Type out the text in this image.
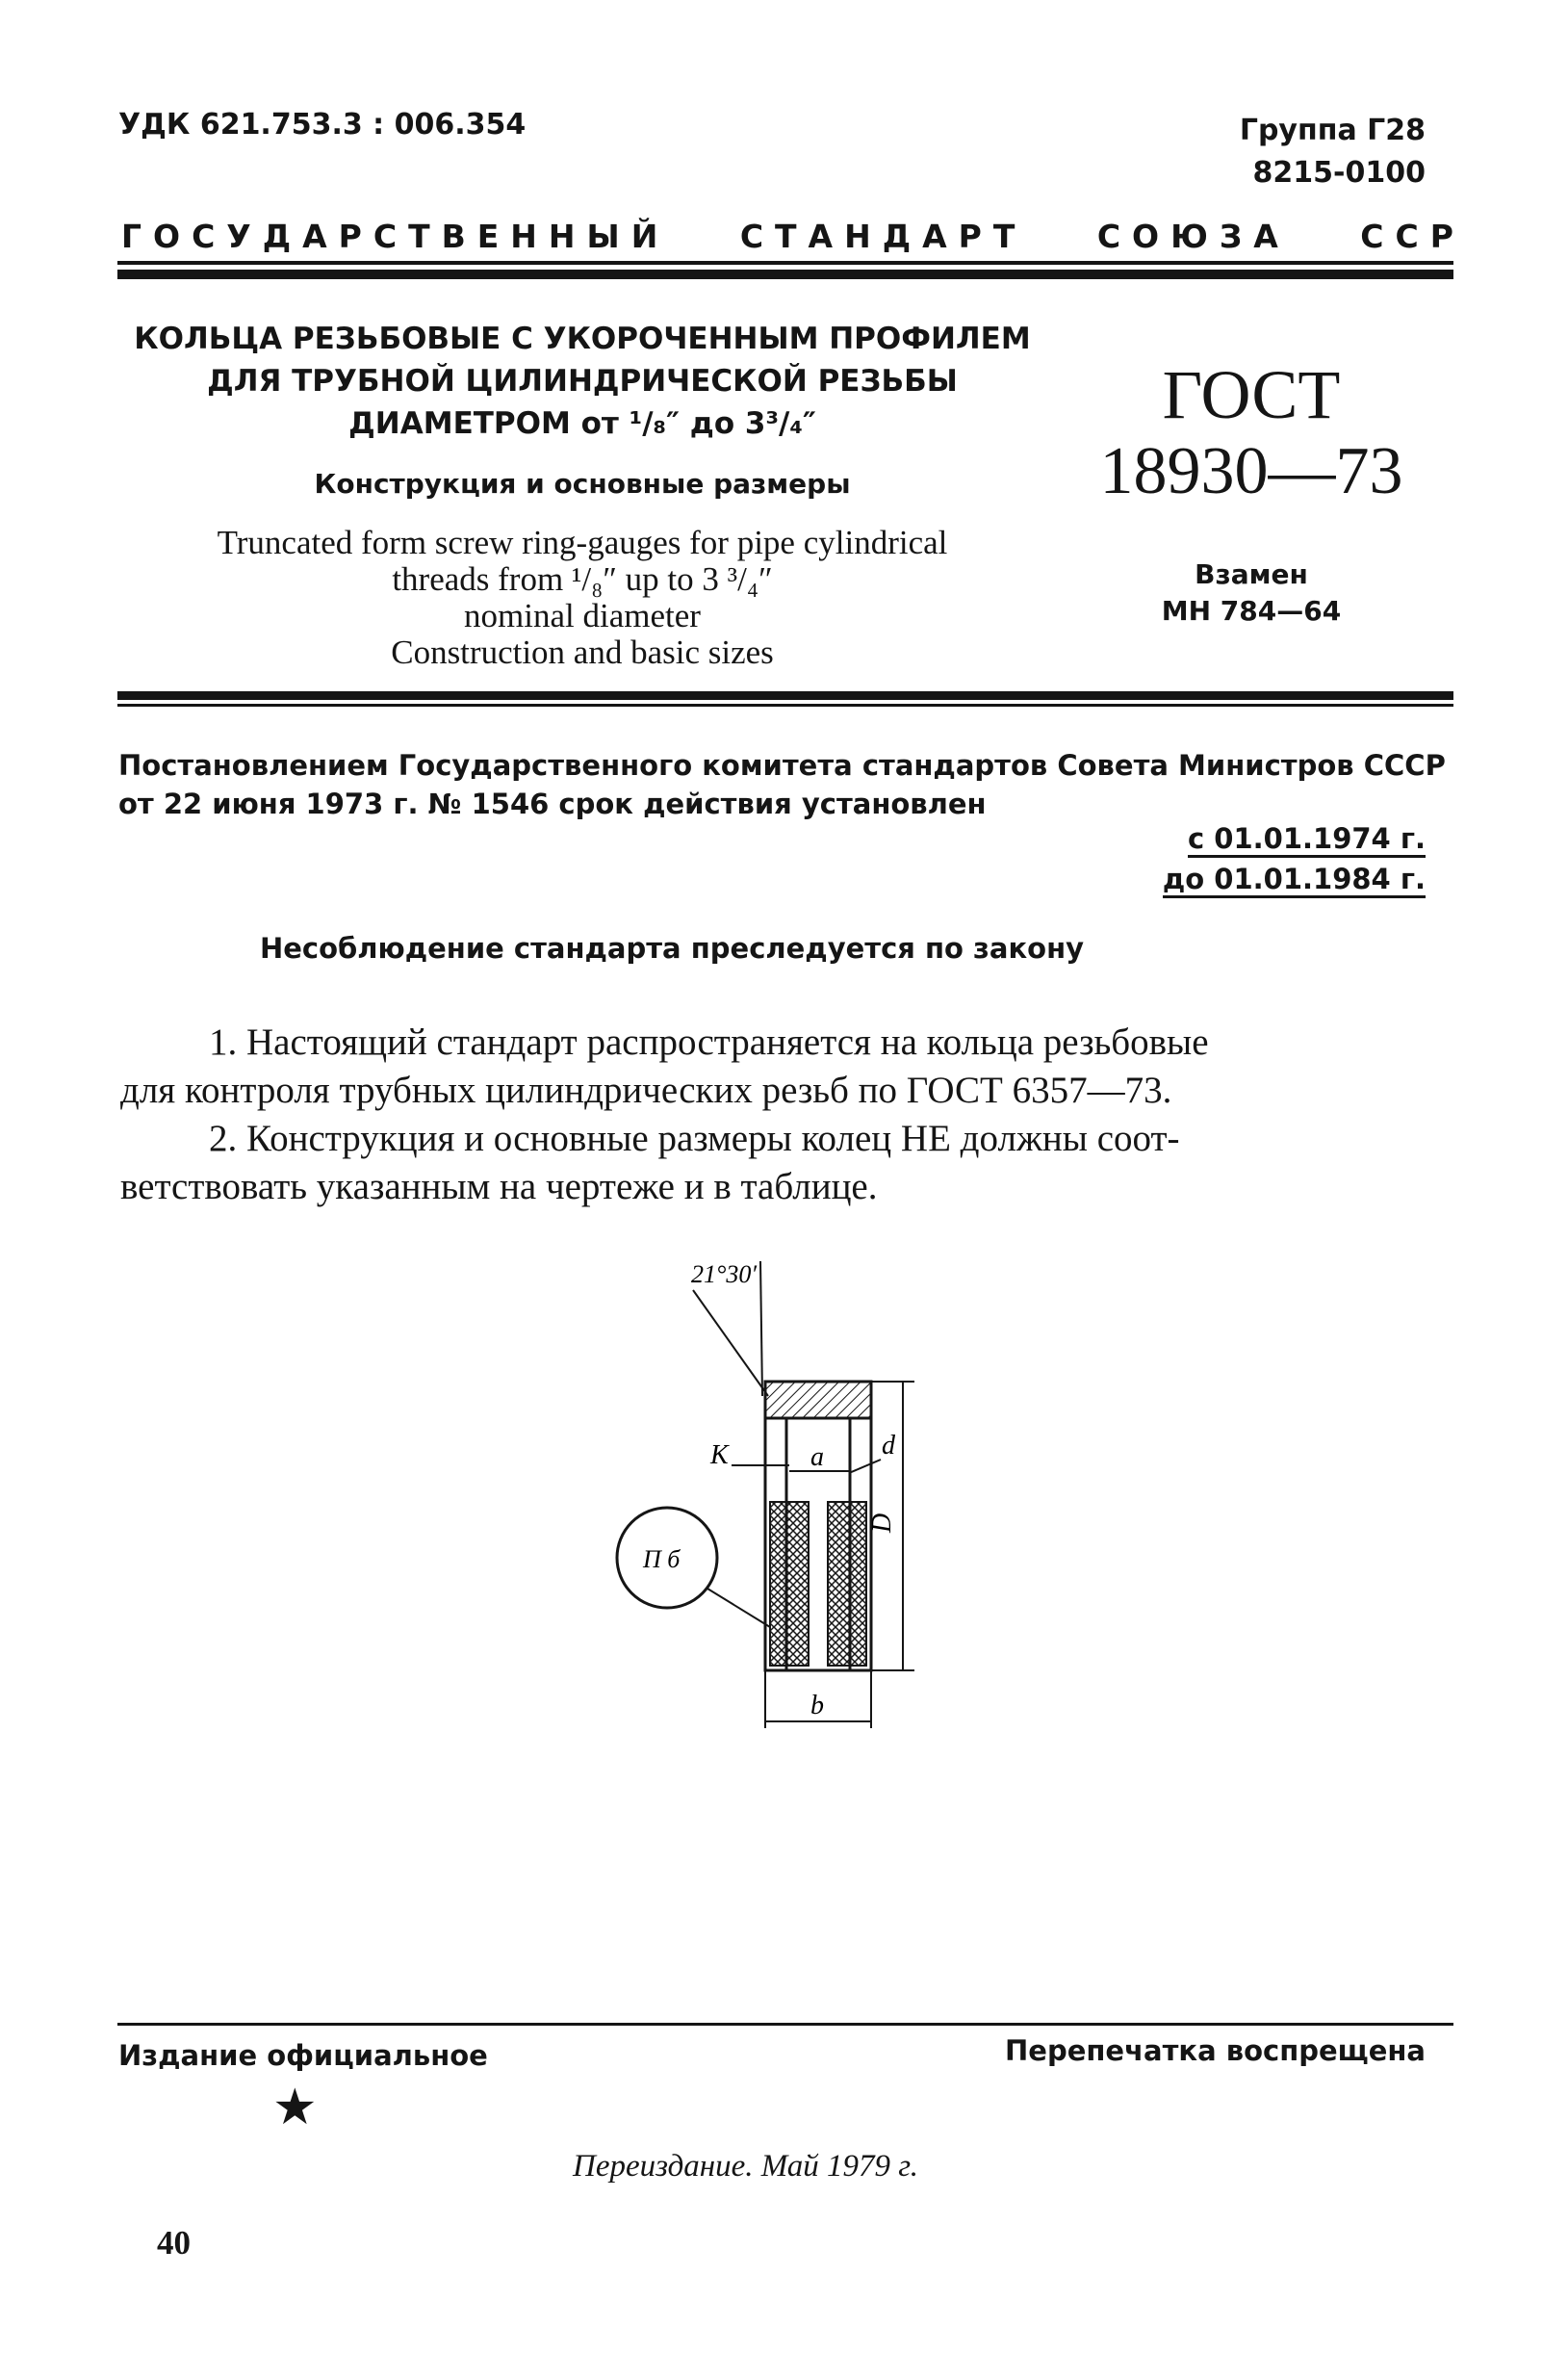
УДК 621.753.3 : 006.354	Группа Г28
8215-0100
ГОСУДАРСТВЕННЫЙ СТАНДАРТ СОЮЗА ССР
КОЛЬЦА РЕЗЬБОВЫЕ С УКОРОЧЕННЫМ ПРОФИЛЕМ
ДЛЯ ТРУБНОЙ ЦИЛИНДРИЧЕСКОЙ РЕЗЬБЫ
ДИАМЕТРОМ от ¹/₈″ до 3³/₄″
Конструкция и основные размеры
Truncated form screw ring-gauges for pipe cylindrical
threads from ¹/₈″ up to 3 ³/₄″
nominal diameter
Construction and basic sizes
ГОСТ
18930—73
Взамен
МН 784—64
Постановлением Государственного комитета стандартов Совета Министров СССР
от 22 июня 1973 г. № 1546 срок действия установлен
с 01.01.1974 г.
до 01.01.1984 г.
Несоблюдение стандарта преследуется по закону
1. Настоящий стандарт распространяется на кольца резьбовые
для контроля трубных цилиндрических резьб по ГОСТ 6357—73.
2. Конструкция и основные размеры колец НЕ должны соот-
ветствовать указанным на чертеже и в таблице.
21°30′
К	а d
D
b
П б
Издание официальное	Перепечатка воспрещена
★
Переиздание. Май 1979 г.
40
